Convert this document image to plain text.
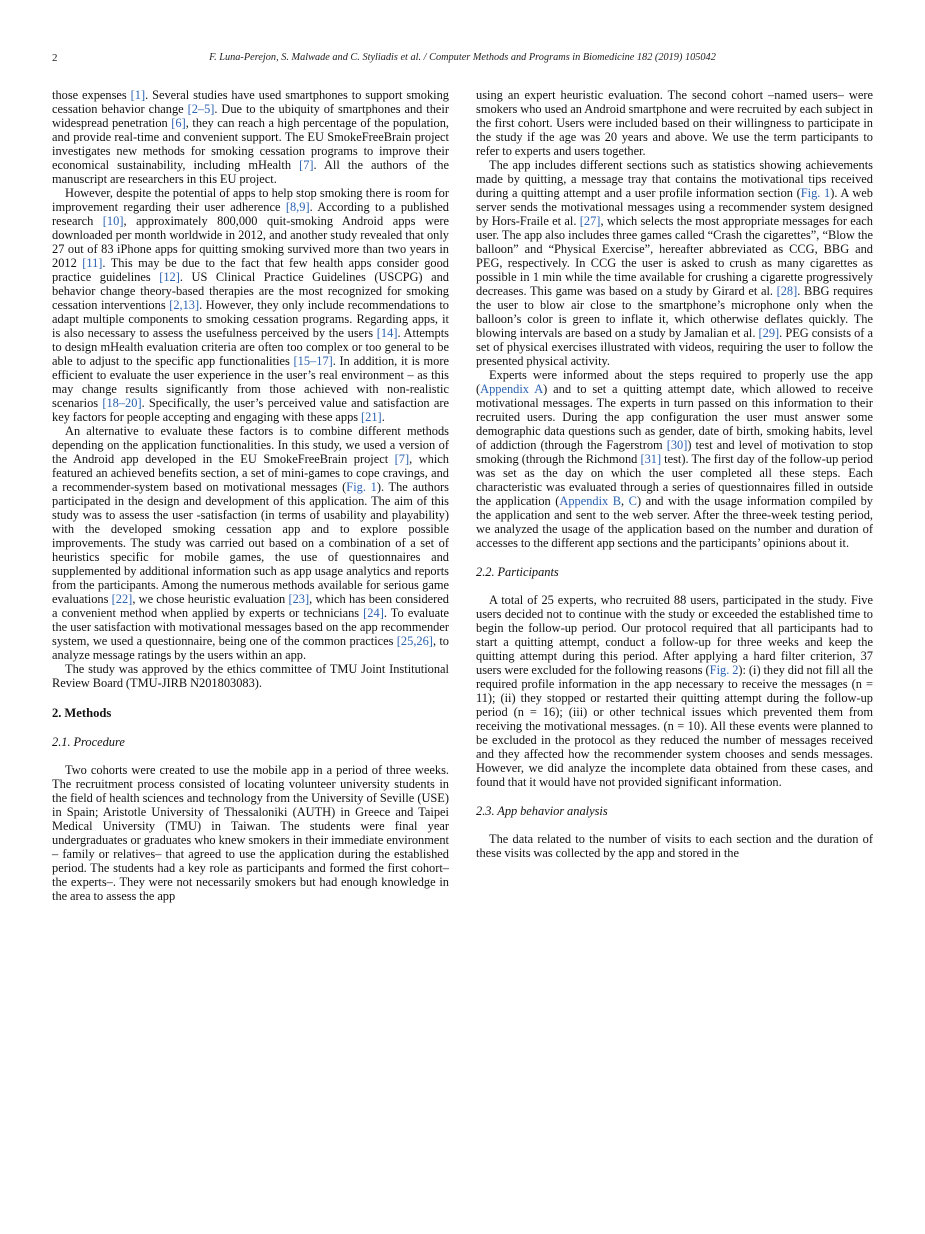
2	F. Luna-Perejon, S. Malwade and C. Styliadis et al. / Computer Methods and Programs in Biomedicine 182 (2019) 105042

those expenses [1]. Several studies have used smartphones to support smoking cessation behavior change [2–5]. Due to the ubiquity of smartphones and their widespread penetration [6], they can reach a high percentage of the population, and provide real-time and convenient support. The EU SmokeFreeBrain project investigates new methods for smoking cessation programs to improve their economical sustainability, including mHealth [7]. All the authors of the manuscript are researchers in this EU project.

However, despite the potential of apps to help stop smoking there is room for improvement regarding their user adherence [8,9]. According to a published research [10], approximately 800,000 quit-smoking Android apps were downloaded per month worldwide in 2012, and another study revealed that only 27 out of 83 iPhone apps for quitting smoking survived more than two years in 2012 [11]. This may be due to the fact that few health apps consider good practice guidelines [12]. US Clinical Practice Guidelines (USCPG) and behavior change theory-based therapies are the most recognized for smoking cessation interventions [2,13]. However, they only include recommendations to adapt multiple components to smoking cessation programs. Regarding apps, it is also necessary to assess the usefulness perceived by the users [14]. Attempts to design mHealth evaluation criteria are often too complex or too general to be able to adjust to the specific app functionalities [15–17]. In addition, it is more efficient to evaluate the user experience in the user’s real environment – as this may change results significantly from those achieved with non-realistic scenarios [18–20]. Specifically, the user’s perceived value and satisfaction are key factors for people accepting and engaging with these apps [21].

An alternative to evaluate these factors is to combine different methods depending on the application functionalities. In this study, we used a version of the Android app developed in the EU SmokeFreeBrain project [7], which featured an achieved benefits section, a set of mini-games to cope cravings, and a recommender-system based on motivational messages (Fig. 1). The authors participated in the design and development of this application. The aim of this study was to assess the user -satisfaction (in terms of usability and playability) with the developed smoking cessation app and to explore possible improvements. The study was carried out based on a combination of a set of heuristics specific for mobile games, the use of questionnaires and supplemented by additional information such as app usage analytics and reports from the participants. Among the numerous methods available for serious game evaluations [22], we chose heuristic evaluation [23], which has been considered a convenient method when applied by experts or technicians [24]. To evaluate the user satisfaction with motivational messages based on the app recommender system, we used a questionnaire, being one of the common practices [25,26], to analyze message ratings by the users within an app.

The study was approved by the ethics committee of TMU Joint Institutional Review Board (TMU-JIRB N201803083).

2. Methods
2.1. Procedure

Two cohorts were created to use the mobile app in a period of three weeks. The recruitment process consisted of locating volunteer university students in the field of health sciences and technology from the University of Seville (USE) in Spain; Aristotle University of Thessaloniki (AUTH) in Greece and Taipei Medical University (TMU) in Taiwan. The students were final year undergraduates or graduates who knew smokers in their immediate environment – family or relatives– that agreed to use the application during the established period. The students had a key role as participants and formed the first cohort– the experts–. They were not necessarily smokers but had enough knowledge in the area to assess the app

using an expert heuristic evaluation. The second cohort –named users– were smokers who used an Android smartphone and were recruited by each subject in the first cohort. Users were included based on their willingness to participate in the study if the age was 20 years and above. We use the term participants to refer to experts and users together.

The app includes different sections such as statistics showing achievements made by quitting, a message tray that contains the motivational tips received during a quitting attempt and a user profile information section (Fig. 1). A web server sends the motivational messages using a recommender system designed by Hors-Fraile et al. [27], which selects the most appropriate messages for each user. The app also includes three games called “Crash the cigarettes”, “Blow the balloon” and “Physical Exercise”, hereafter abbreviated as CCG, BBG and PEG, respectively. In CCG the user is asked to crush as many cigarettes as possible in 1 min while the time available for crushing a cigarette progressively decreases. This game was based on a study by Girard et al. [28]. BBG requires the user to blow air close to the smartphone’s microphone only when the balloon’s color is green to inflate it, which otherwise deflates quickly. The blowing intervals are based on a study by Jamalian et al. [29]. PEG consists of a set of physical exercises illustrated with videos, requiring the user to follow the presented physical activity.

Experts were informed about the steps required to properly use the app (Appendix A) and to set a quitting attempt date, which allowed to receive motivational messages. The experts in turn passed on this information to their recruited users. During the app configuration the user must answer some demographic data questions such as gender, date of birth, smoking habits, level of addiction (through the Fagerstrom [30]) test and level of motivation to stop smoking (through the Richmond [31] test). The first day of the follow-up period was set as the day on which the user completed all these steps. Each characteristic was evaluated through a series of questionnaires filled in outside the application (Appendix B, C) and with the usage information compiled by the application and sent to the web server. After the three-week testing period, we analyzed the usage of the application based on the number and duration of accesses to the different app sections and the participants’ opinions about it.

2.2. Participants

A total of 25 experts, who recruited 88 users, participated in the study. Five users decided not to continue with the study or exceeded the established time to begin the follow-up period. Our protocol required that all participants had to start a quitting attempt, conduct a follow-up for three weeks and keep the quitting attempt during this period. After applying a hard filter criterion, 37 users were excluded for the following reasons (Fig. 2): (i) they did not fill all the required profile information in the app necessary to receive the messages (n = 11); (ii) they stopped or restarted their quitting attempt during the follow-up period (n = 16); (iii) or other technical issues which prevented them from receiving the motivational messages. (n = 10). All these events were planned to be excluded in the protocol as they reduced the number of messages received and they affected how the recommender system chooses and sends messages. However, we did analyze the incomplete data obtained from these cases, and found that it would have not provided significant information.

2.3. App behavior analysis

The data related to the number of visits to each section and the duration of these visits was collected by the app and stored in the
